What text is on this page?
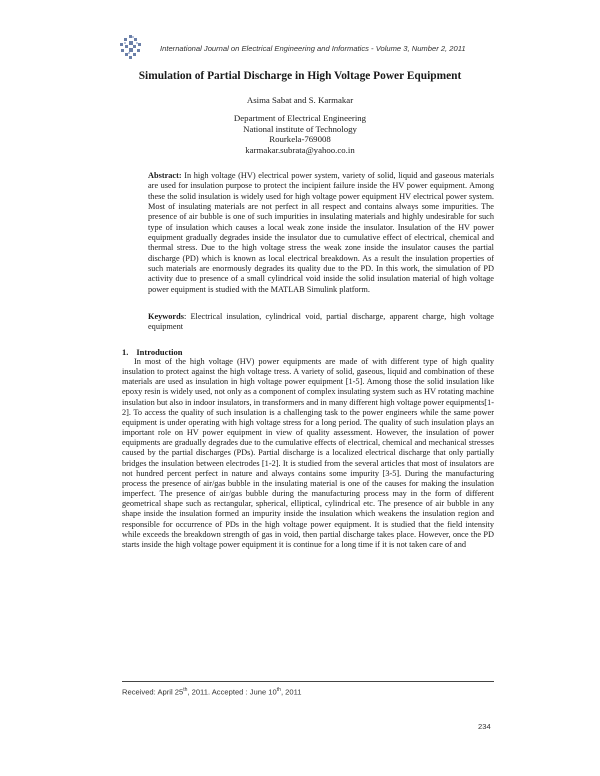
International Journal on Electrical Engineering and Informatics - Volume 3, Number 2, 2011
Simulation of Partial Discharge in High Voltage Power Equipment
Asima Sabat and S. Karmakar
Department of Electrical Engineering
National institute of Technology
Rourkela-769008
karmakar.subrata@yahoo.co.in
Abstract: In high voltage (HV) electrical power system, variety of solid, liquid and gaseous materials are used for insulation purpose to protect the incipient failure inside the HV power equipment. Among these the solid insulation is widely used for high voltage power equipment HV electrical power system. Most of insulating materials are not perfect in all respect and contains always some impurities. The presence of air bubble is one of such impurities in insulating materials and highly undesirable for such type of insulation which causes a local weak zone inside the insulator. Insulation of the HV power equipment gradually degrades inside the insulator due to cumulative effect of electrical, chemical and thermal stress. Due to the high voltage stress the weak zone inside the insulator causes the partial discharge (PD) which is known as local electrical breakdown. As a result the insulation properties of such materials are enormously degrades its quality due to the PD. In this work, the simulation of PD activity due to presence of a small cylindrical void inside the solid insulation material of high voltage power equipment is studied with the MATLAB Simulink platform.
Keywords: Electrical insulation, cylindrical void, partial discharge, apparent charge, high voltage equipment
1. Introduction
In most of the high voltage (HV) power equipments are made of with different type of high quality insulation to protect against the high voltage tress. A variety of solid, gaseous, liquid and combination of these materials are used as insulation in high voltage power equipment [1-5]. Among those the solid insulation like epoxy resin is widely used, not only as a component of complex insulating system such as HV rotating machine insulation but also in indoor insulators, in transformers and in many different high voltage power equipments[1-2]. To access the quality of such insulation is a challenging task to the power engineers while the same power equipment is under operating with high voltage stress for a long period. The quality of such insulation plays an important role on HV power equipment in view of quality assessment. However, the insulation of power equipments are gradually degrades due to the cumulative effects of electrical, chemical and mechanical stresses caused by the partial discharges (PDs). Partial discharge is a localized electrical discharge that only partially bridges the insulation between electrodes [1-2]. It is studied from the several articles that most of insulators are not hundred percent perfect in nature and always contains some impurity [3-5]. During the manufacturing process the presence of air/gas bubble in the insulating material is one of the causes for making the insulation imperfect. The presence of air/gas bubble during the manufacturing process may in the form of different geometrical shape such as rectangular, spherical, elliptical, cylindrical etc. The presence of air bubble in any shape inside the insulation formed an impurity inside the insulation which weakens the insulation region and responsible for occurrence of PDs in the high voltage power equipment. It is studied that the field intensity while exceeds the breakdown strength of gas in void, then partial discharge takes place. However, once the PD starts inside the high voltage power equipment it is continue for a long time if it is not taken care of and
Received: April 25th, 2011. Accepted : June 10th, 2011
234
